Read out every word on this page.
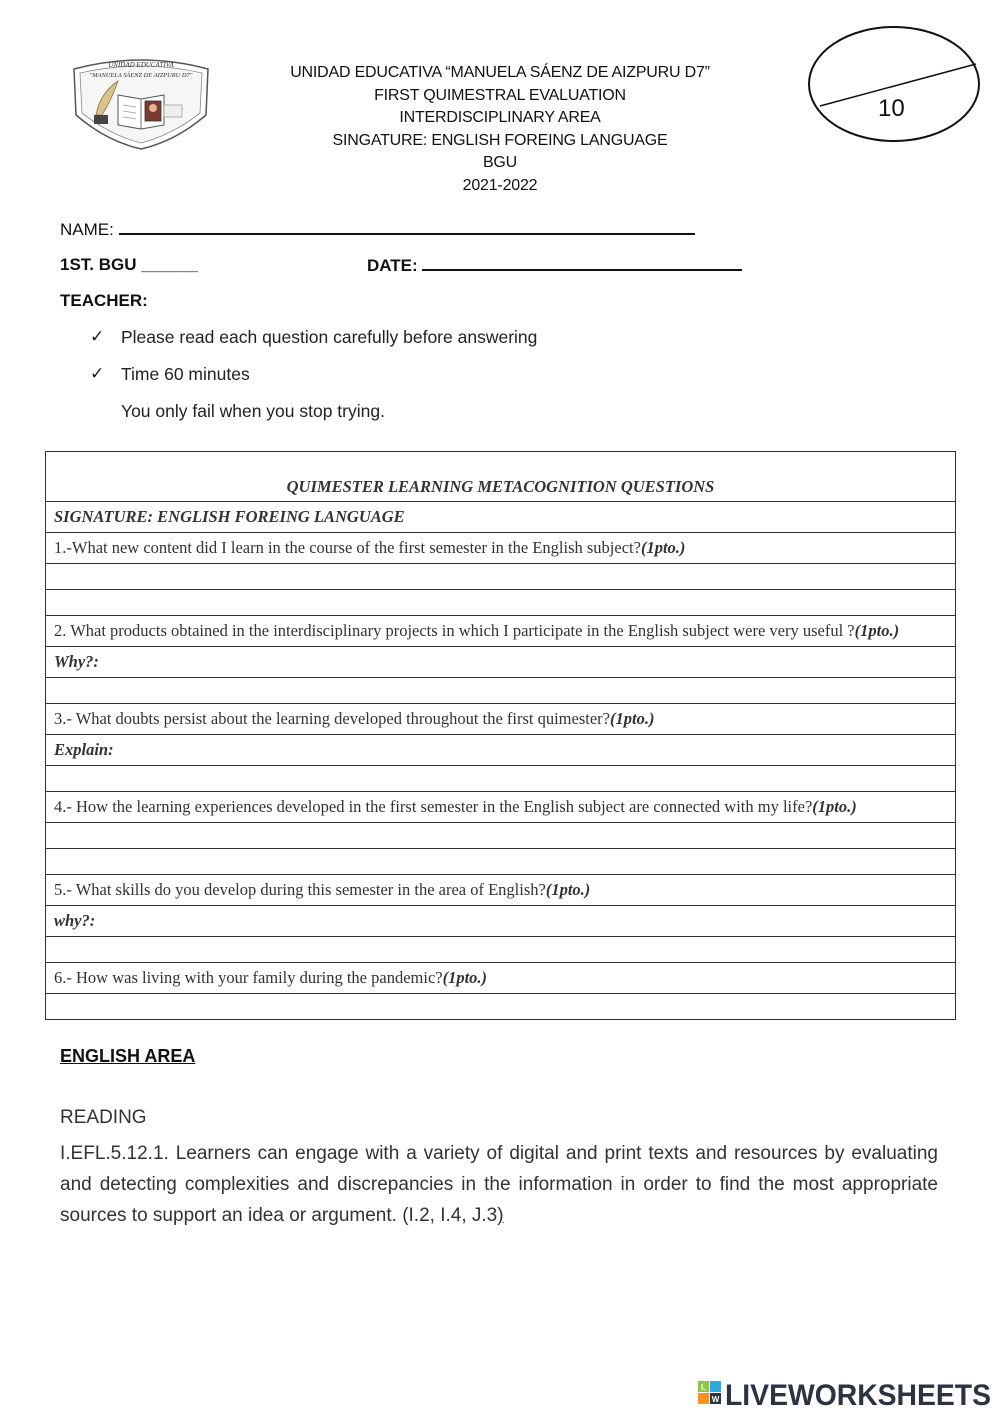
UNIDAD EDUCATIVA
"MANUELA SÁENZ DE AIZPURU D7"	UNIDAD EDUCATIVA “MANUELA SÁENZ DE AIZPURU D7”
FIRST QUIMESTRAL EVALUATION
INTERDISCIPLINARY AREA
SINGATURE: ENGLISH FOREING LANGUAGE
BGU
2021-2022
10
NAME:
1ST. BGU ______	DATE:
TEACHER:
✓ Please read each question carefully before answering
✓ Time 60 minutes
You only fail when you stop trying.
QUIMESTER LEARNING METACOGNITION QUESTIONS
SIGNATURE: ENGLISH FOREING LANGUAGE
1.-What new content did I learn in the course of the first semester in the English subject?(1pto.)

2. What products obtained in the interdisciplinary projects in which I participate in the English subject were very useful ?(1pto.)
Why?:

3.- What doubts persist about the learning developed throughout the first quimester?(1pto.)
Explain:

4.- How the learning experiences developed in the first semester in the English subject are connected with my life?(1pto.)

5.- What skills do you develop during this semester in the area of English?(1pto.)
why?:

6.- How was living with your family during the pandemic?(1pto.)

ENGLISH AREA
READING
I.EFL.5.12.1. Learners can engage with a variety of digital and print texts and resources by evaluating and detecting complexities and discrepancies in the information in order to find the most appropriate sources to support an idea or argument. (I.2, I.4, J.3)
L
W LIVEWORKSHEETS
